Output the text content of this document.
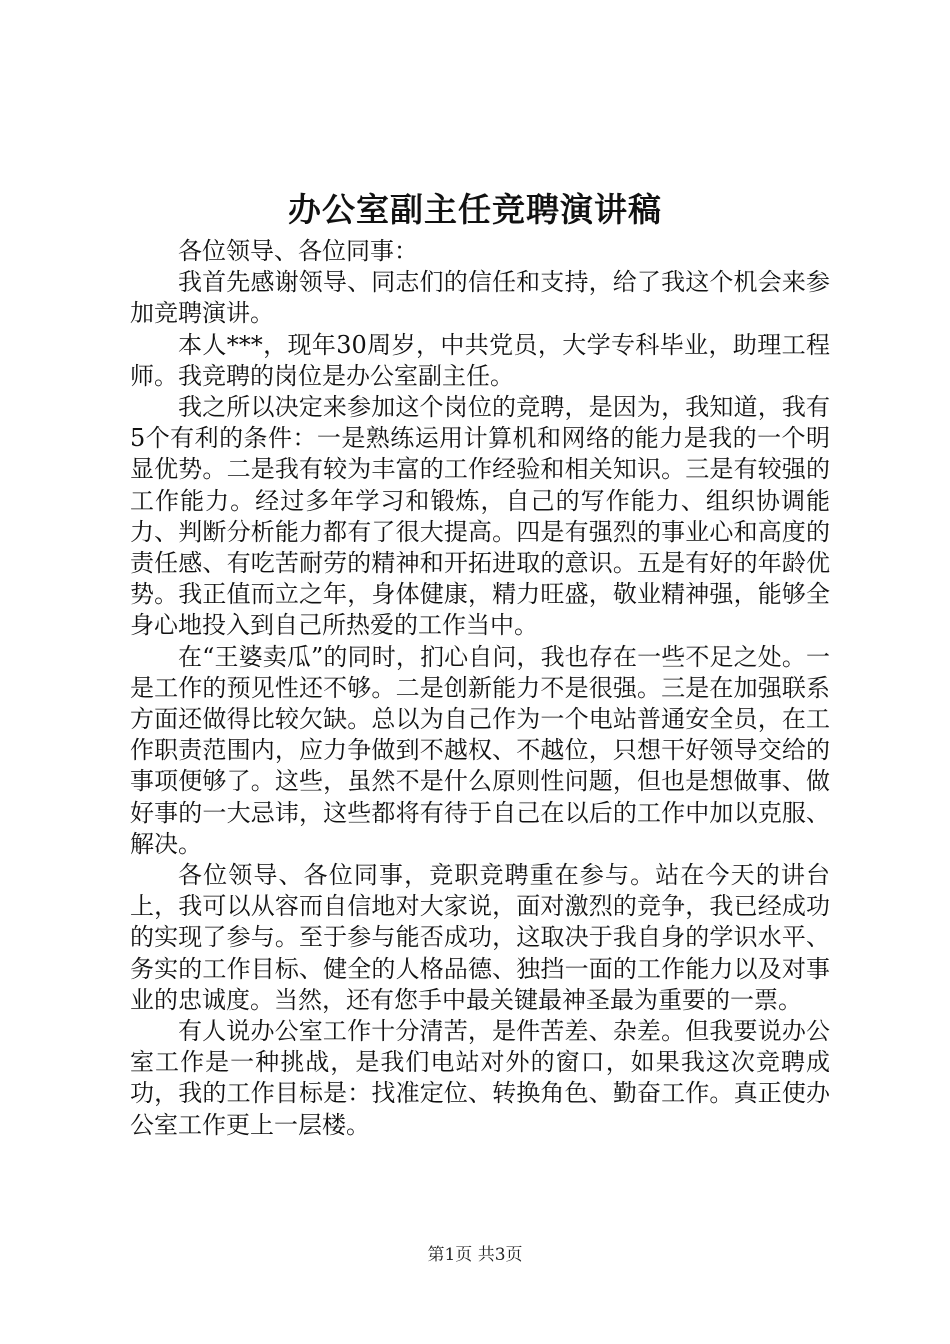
办公室副主任竞聘演讲稿

各位领导、各位同事：

我首先感谢领导、同志们的信任和支持，给了我这个机会来参加竞聘演讲。

本人***，现年30周岁，中共党员，大学专科毕业，助理工程师。我竞聘的岗位是办公室副主任。

我之所以决定来参加这个岗位的竞聘，是因为，我知道，我有5个有利的条件：一是熟练运用计算机和网络的能力是我的一个明显优势。二是我有较为丰富的工作经验和相关知识。三是有较强的工作能力。经过多年学习和锻炼，自己的写作能力、组织协调能力、判断分析能力都有了很大提高。四是有强烈的事业心和高度的责任感、有吃苦耐劳的精神和开拓进取的意识。五是有好的年龄优势。我正值而立之年，身体健康，精力旺盛，敬业精神强，能够全身心地投入到自己所热爱的工作当中。

在“王婆卖瓜”的同时，扪心自问，我也存在一些不足之处。一是工作的预见性还不够。二是创新能力不是很强。三是在加强联系方面还做得比较欠缺。总以为自己作为一个电站普通安全员，在工作职责范围内，应力争做到不越权、不越位，只想干好领导交给的事项便够了。这些，虽然不是什么原则性问题，但也是想做事、做好事的一大忌讳，这些都将有待于自己在以后的工作中加以克服、解决。

各位领导、各位同事，竞职竞聘重在参与。站在今天的讲台上，我可以从容而自信地对大家说，面对激烈的竞争，我已经成功的实现了参与。至于参与能否成功，这取决于我自身的学识水平、务实的工作目标、健全的人格品德、独挡一面的工作能力以及对事业的忠诚度。当然，还有您手中最关键最神圣最为重要的一票。

有人说办公室工作十分清苦，是件苦差、杂差。但我要说办公室工作是一种挑战，是我们电站对外的窗口，如果我这次竞聘成功，我的工作目标是：找准定位、转换角色、勤奋工作。真正使办公室工作更上一层楼。

第1页 共3页
